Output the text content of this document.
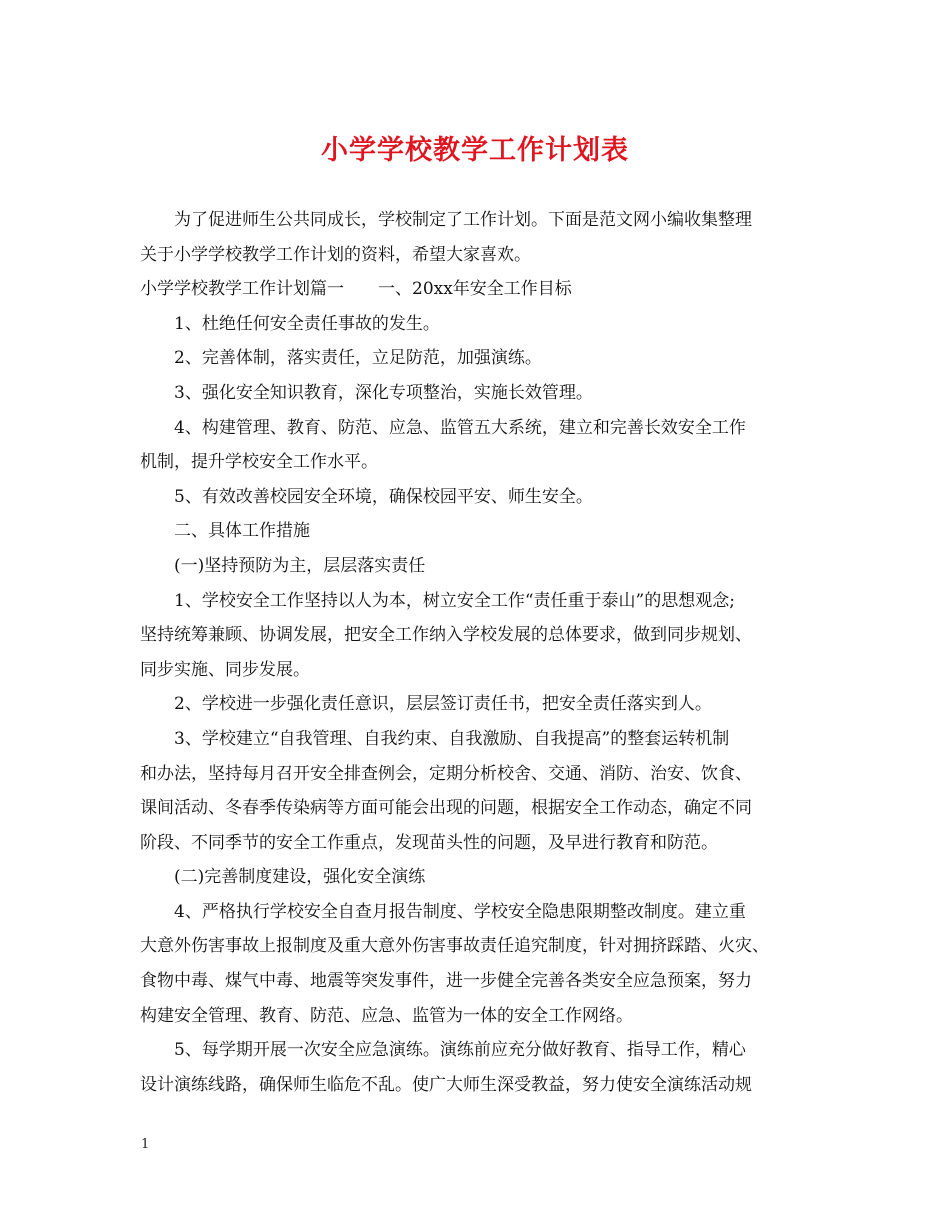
小学学校教学工作计划表

为了促进师生公共同成长，学校制定了工作计划。下面是范文网小编收集整理

关于小学学校教学工作计划的资料，希望大家喜欢。

小学学校教学工作计划篇一　　一、20xx年安全工作目标

1、杜绝任何安全责任事故的发生。

2、完善体制，落实责任，立足防范，加强演练。

3、强化安全知识教育，深化专项整治，实施长效管理。

4、构建管理、教育、防范、应急、监管五大系统，建立和完善长效安全工作

机制，提升学校安全工作水平。

5、有效改善校园安全环境，确保校园平安、师生安全。

二、具体工作措施

(一)坚持预防为主，层层落实责任

1、学校安全工作坚持以人为本，树立安全工作“责任重于泰山”的思想观念;

坚持统筹兼顾、协调发展，把安全工作纳入学校发展的总体要求，做到同步规划、

同步实施、同步发展。

2、学校进一步强化责任意识，层层签订责任书，把安全责任落实到人。

3、学校建立“自我管理、自我约束、自我激励、自我提高”的整套运转机制

和办法，坚持每月召开安全排查例会，定期分析校舍、交通、消防、治安、饮食、

课间活动、冬春季传染病等方面可能会出现的问题，根据安全工作动态，确定不同

阶段、不同季节的安全工作重点，发现苗头性的问题，及早进行教育和防范。

(二)完善制度建设，强化安全演练

4、严格执行学校安全自查月报告制度、学校安全隐患限期整改制度。建立重

大意外伤害事故上报制度及重大意外伤害事故责任追究制度，针对拥挤踩踏、火灾、

食物中毒、煤气中毒、地震等突发事件，进一步健全完善各类安全应急预案，努力

构建安全管理、教育、防范、应急、监管为一体的安全工作网络。

5、每学期开展一次安全应急演练。演练前应充分做好教育、指导工作，精心

设计演练线路，确保师生临危不乱。使广大师生深受教益，努力使安全演练活动规

1
